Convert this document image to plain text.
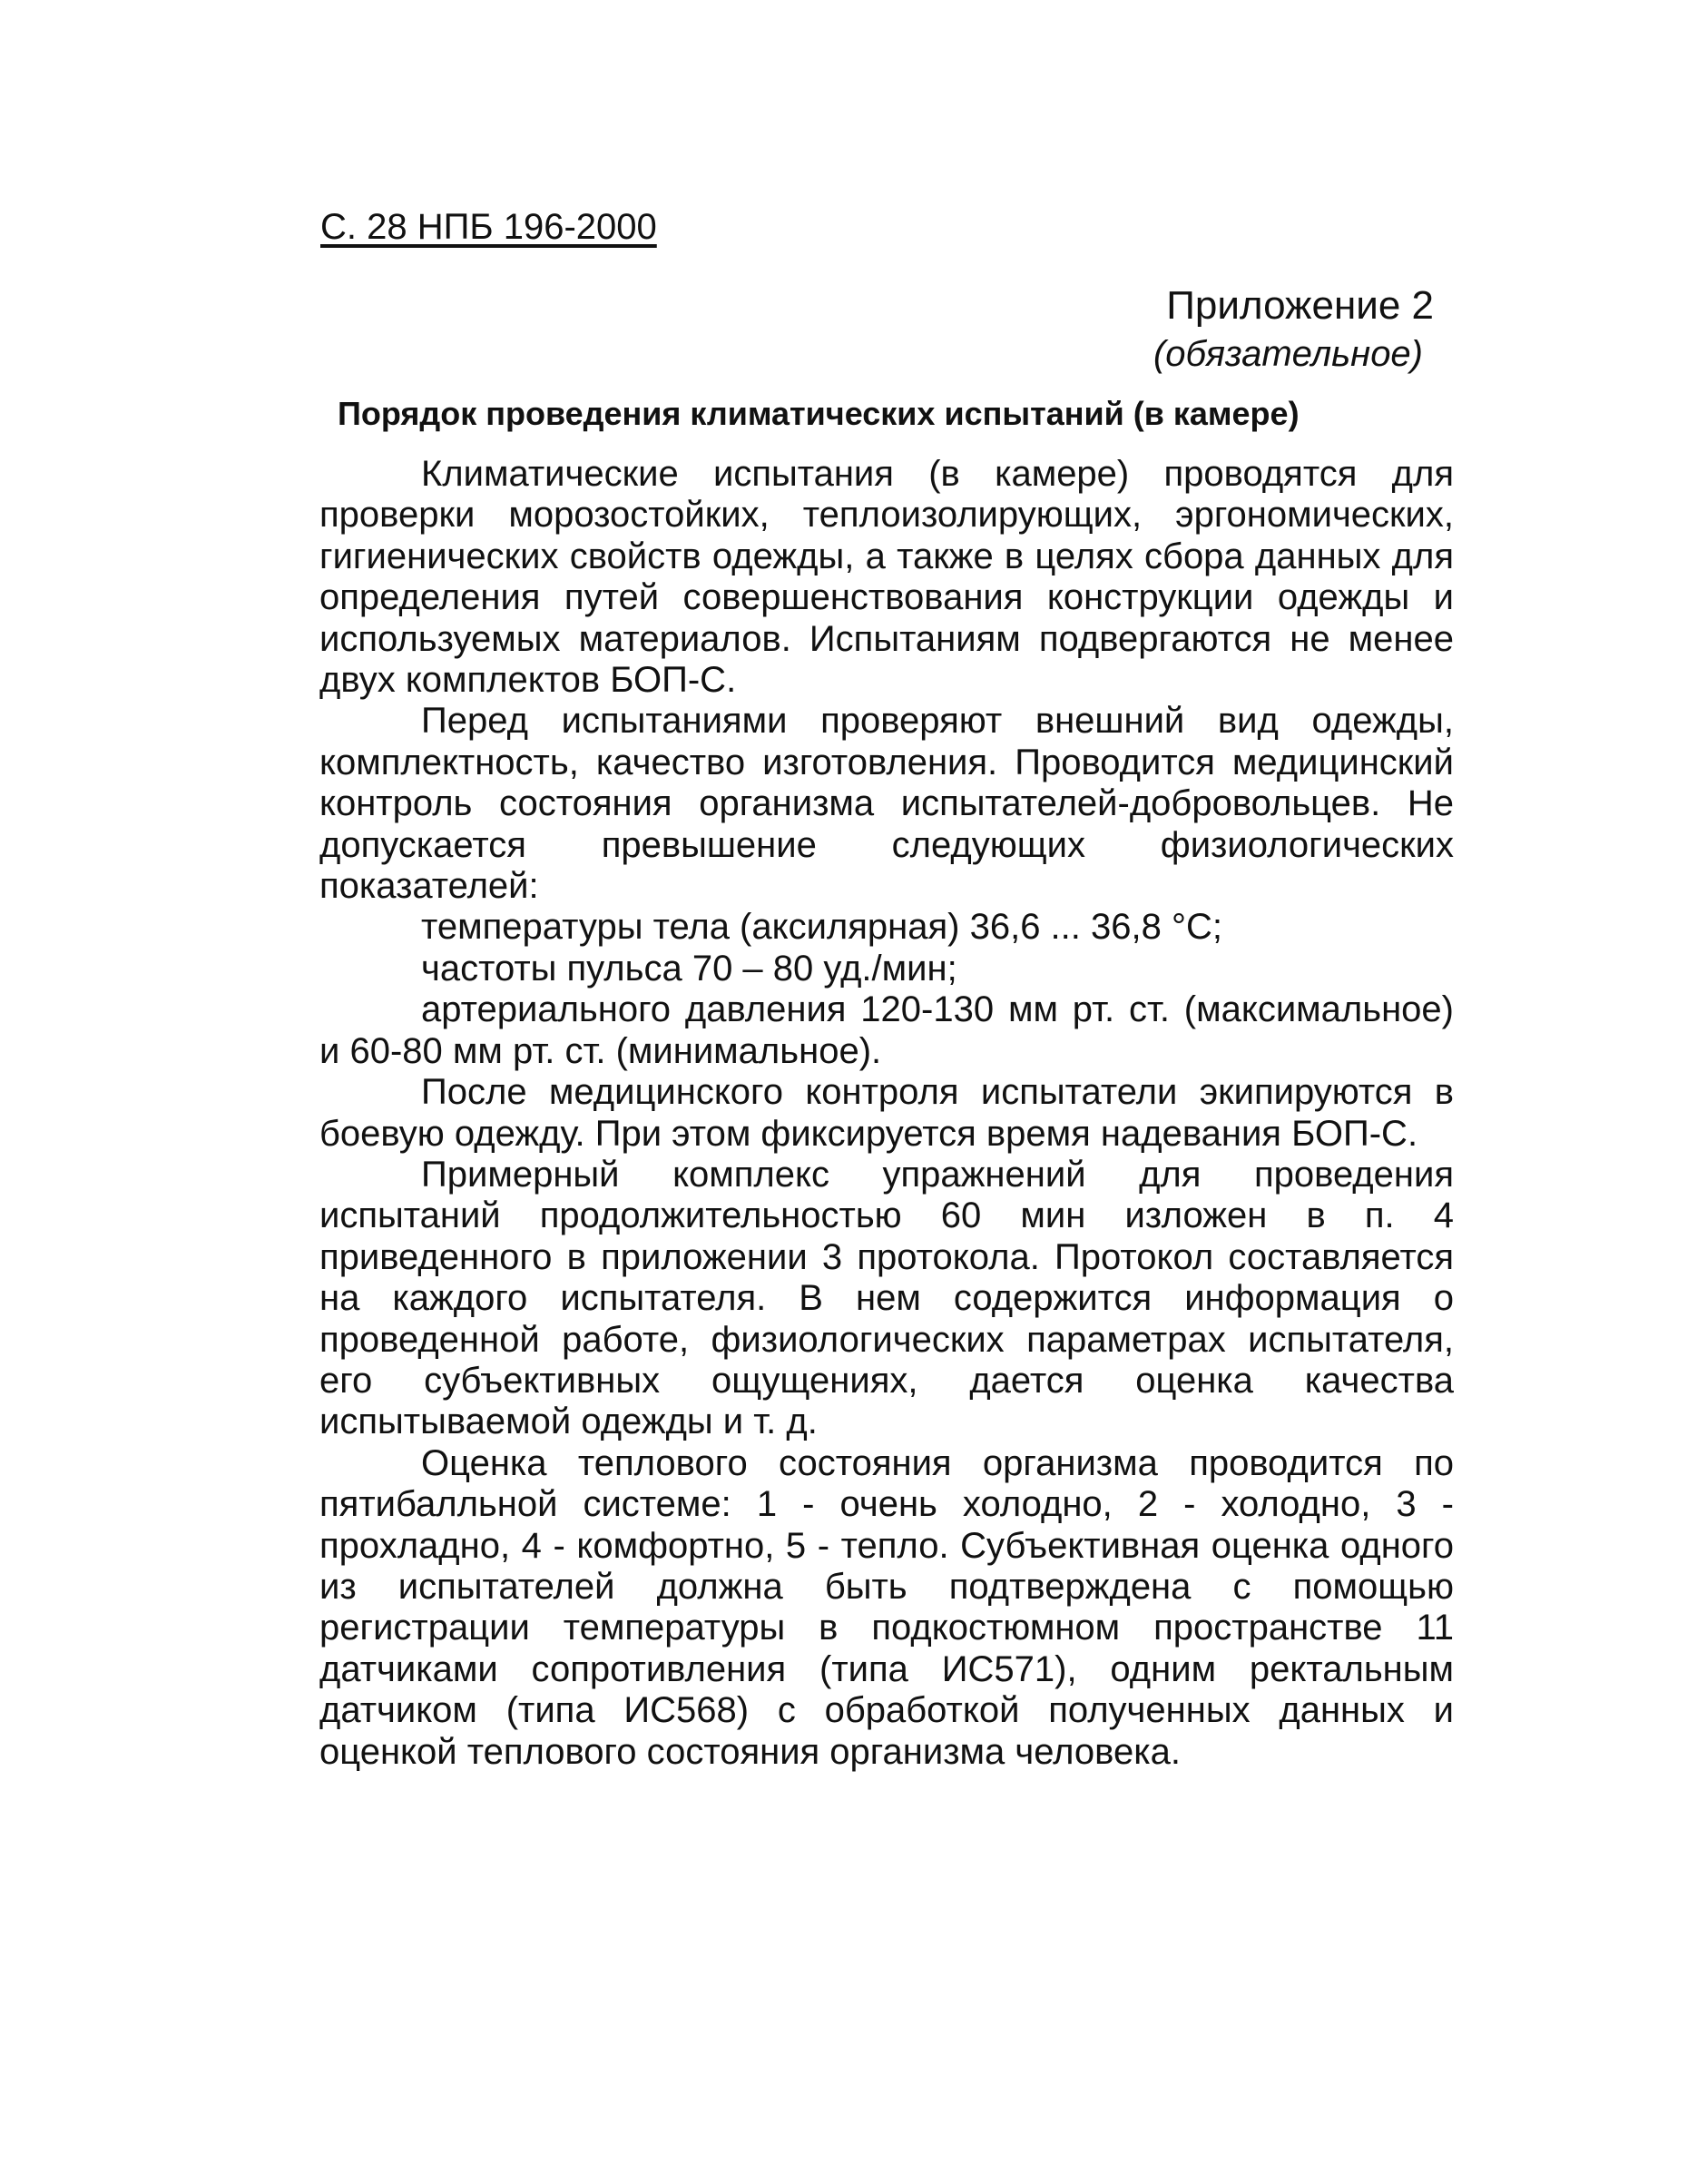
С. 28 НПБ 196-2000
Приложение 2
(обязательное)
Порядок проведения климатических испытаний (в камере)

Климатические испытания (в камере) проводятся для проверки морозостойких, теплоизолирующих, эргономических, гигиенических свойств одежды, а также в целях сбора данных для определения путей совершенствования конструкции одежды и используемых материалов. Испытаниям подвергаются не менее двух комплектов БОП-С.

Перед испытаниями проверяют внешний вид одежды, комплектность, качество изготовления. Проводится медицинский контроль состояния организма испытателей-добровольцев. Не допускается превышение следующих физиологических показателей:

температуры тела (аксилярная) 36,6 ... 36,8 °С;

частоты пульса 70 – 80 уд./мин;

артериального давления 120-130 мм рт. ст. (максимальное) и 60-80 мм рт. ст. (минимальное).

После медицинского контроля испытатели экипируются в боевую одежду. При этом фиксируется время надевания БОП-С.

Примерный комплекс упражнений для проведения испытаний продолжительностью 60 мин изложен в п. 4 приведенного в приложении 3 протокола. Протокол составляется на каждого испытателя. В нем содержится информация о проведенной работе, физиологических параметрах испытателя, его субъективных ощущениях, дается оценка качества испытываемой одежды и т. д.

Оценка теплового состояния организма проводится по пятибалльной системе: 1 - очень холодно, 2 - холодно, 3 - прохладно, 4 - комфортно, 5 - тепло. Субъективная оценка одного из испытателей должна быть подтверждена с помощью регистрации температуры в подкостюмном пространстве 11 датчиками сопротивления (типа ИС571), одним ректальным датчиком (типа ИС568) с обработкой полученных данных и оценкой теплового состояния организма человека.
